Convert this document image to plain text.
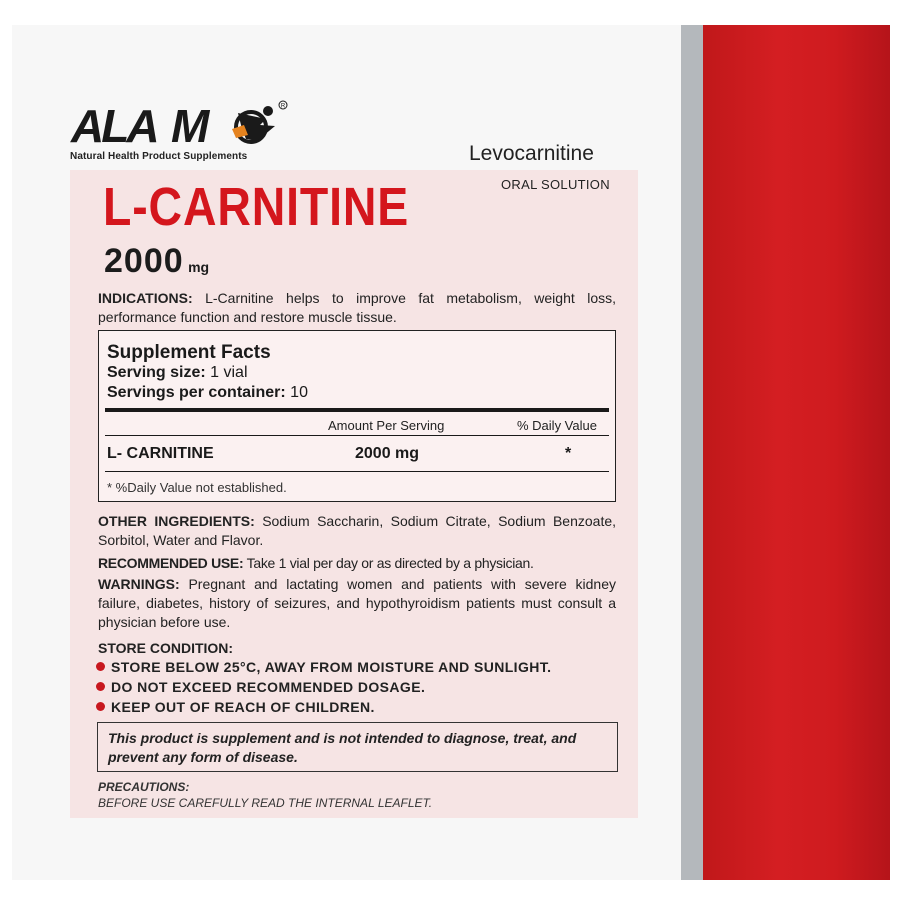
ALA M	R
Natural Health Product Supplements	Levocarnitine
ORAL SOLUTION
L-CARNITINE
2000 mg
INDICATIONS: L-Carnitine helps to improve fat metabolism, weight loss, performance function and restore muscle tissue.
Supplement Facts
Serving size: 1 vial
Servings per container: 10
Amount Per Serving	% Daily Value
L- CARNITINE	2000 mg	*
* %Daily Value not established.
OTHER INGREDIENTS: Sodium Saccharin, Sodium Citrate, Sodium Benzoate, Sorbitol, Water and Flavor.
RECOMMENDED USE: Take 1 vial per day or as directed by a physician.
WARNINGS: Pregnant and lactating women and patients with severe kidney failure, diabetes, history of seizures, and hypothyroidism patients must consult a physician before use.
STORE CONDITION:
STORE BELOW 25°C, AWAY FROM MOISTURE AND SUNLIGHT.
DO NOT EXCEED RECOMMENDED DOSAGE.
KEEP OUT OF REACH OF CHILDREN.
This product is supplement and is not intended to diagnose, treat, and prevent any form of disease.
PRECAUTIONS:
BEFORE USE CAREFULLY READ THE INTERNAL LEAFLET.
